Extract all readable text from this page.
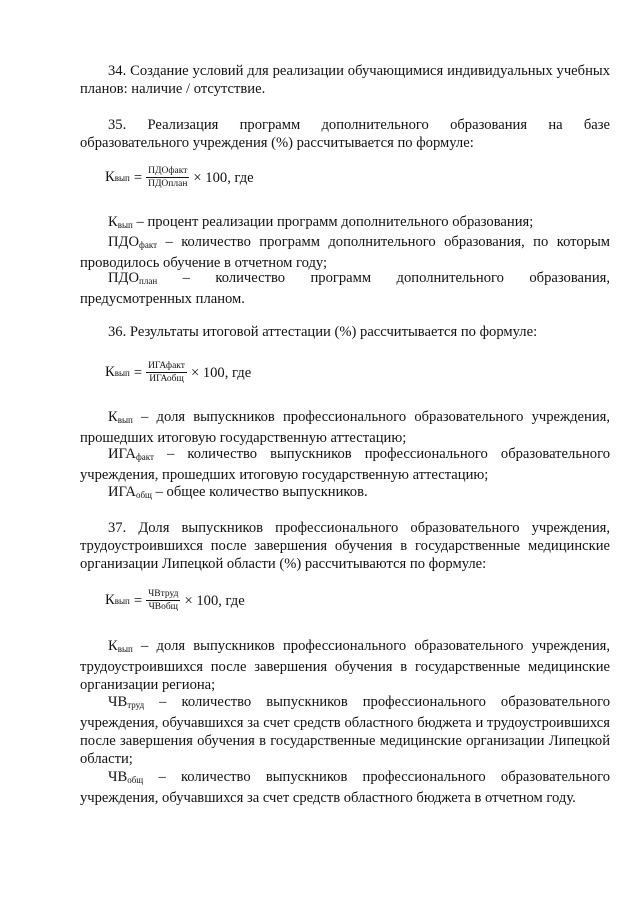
34. Создание условий для реализации обучающимися индивидуальных учебных планов: наличие / отсутствие.

35. Реализация программ дополнительного образования на базе образовательного учреждения (%) рассчитывается по формуле:

К вып = $\frac{\text{ПДОфакт}}{\text{ПДОплан}} \times 100$, где

$К_{вып}$ – процент реализации программ дополнительного образования;

$ПДО_{факт}$ – количество программ дополнительного образования, по которым проводилось обучение в отчетном году;

$ПДО_{план}$ – количество программ дополнительного образования, предусмотренных планом.

36. Результаты итоговой аттестации (%) рассчитывается по формуле:

К вып = $\frac{\text{ИГАфакт}}{\text{ИГАобщ}} \times 100$, где

$К_{вып}$ – доля выпускников профессионального образовательного учреждения, прошедших итоговую государственную аттестацию;

$ИГА_{факт}$ – количество выпускников профессионального образовательного учреждения, прошедших итоговую государственную аттестацию;

$ИГА_{общ}$ – общее количество выпускников.

37. Доля выпускников профессионального образовательного учреждения, трудоустроившихся после завершения обучения в государственные медицинские организации Липецкой области (%) рассчитываются по формуле:

К вып = $\frac{\text{ЧВтруд}}{\text{ЧВобщ}} \times 100$, где

$К_{вып}$ – доля выпускников профессионального образовательного учреждения, трудоустроившихся после завершения обучения в государственные медицинские организации региона;

$ЧВ_{труд}$ – количество выпускников профессионального образовательного учреждения, обучавшихся за счет средств областного бюджета и трудоустроившихся после завершения обучения в государственные медицинские организации Липецкой области;

$ЧВ_{общ}$ – количество выпускников профессионального образовательного учреждения, обучавшихся за счет средств областного бюджета в отчетном году.
